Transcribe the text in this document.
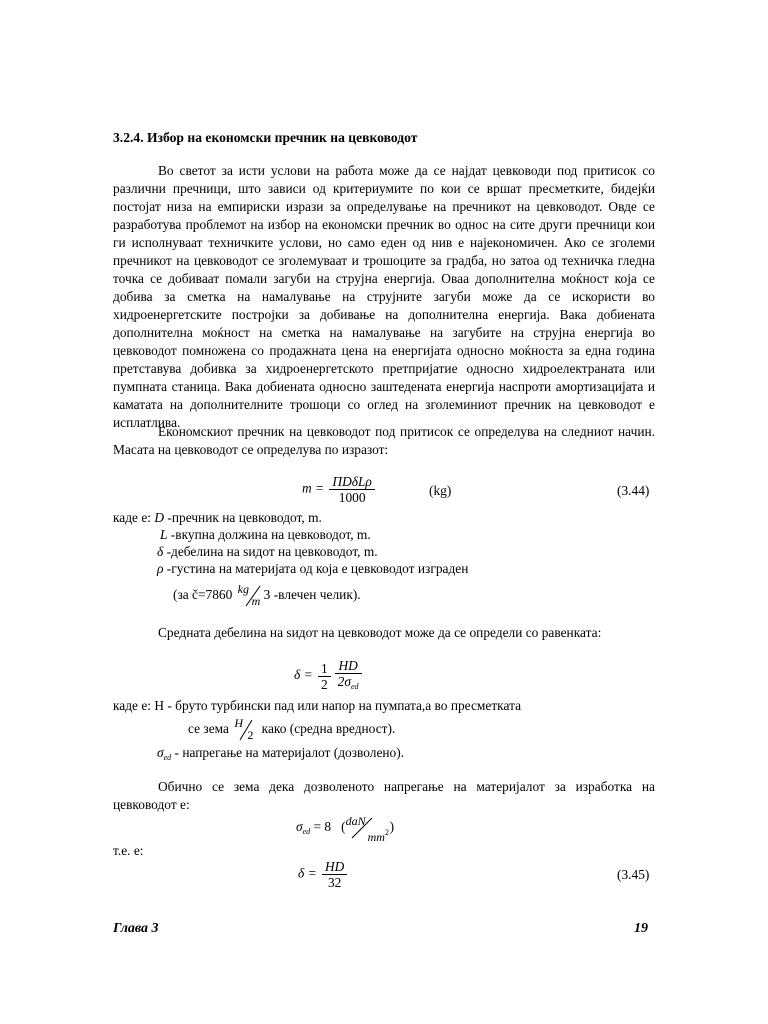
3.2.4. Избор на економски пречник на цевководот
Во светот за исти услови на работа може да се најдат цевководи под притисок со различни пречници, што зависи од критериумите по кои се вршат пресметките, бидејќи постојат низа на емпириски изрази за определување на пречникот на цевководот. Овде се разработува проблемот на избор на економски пречник во однос на сите други пречници кои ги исполнуваат техничките услови, но само еден од нив е најекономичен. Ако се зголеми пречникот на цевководот се зголемуваат и трошоците за градба, но затоа од техничка гледна точка се добиваат помали загуби на струјна енергија. Оваа дополнителна моќност која се добива за сметка на намалување на струјните загуби може да се искористи во хидроенергетските постројки за добивање на дополнителна енергија. Вака добиената дополнителна моќност на сметка на намалување на загубите на струјна енергија во цевководот помножена со продажната цена на енергијата односно моќноста за една година претставува добивка за хидроенергетското претпријатие односно хидроелектранатa или пумпната станица. Вака добиената односно заштедената енергија наспроти амортизацијата и каматата на дополнителните трошоци со оглед на зголеминиот пречник на цевководот е исплатлива.
Економскиот пречник на цевководот под притисок се определува на следниот начин. Масата на цевководот се определува по изразот:
$m = \frac{\text{ΠDδLρ}}{1000}$	(kg)	(3.44)
каде е: D -пречник на цевководот, m.
L -вкупна должина на цевководот, m.
δ -дебелина на ѕидот на цевководот, m.
ρ -густина на материјата од која е цевководот изграден
(за č=7860 kg
m 3 -влечен челик).
Средната дебелина на ѕидот на цевководот може да се определи со равенката:
$\delta = \frac{1}{2} \frac{HD}{2\sigma_{ed}}$
каде е: H - бруто турбински пад или напор на пумпата,а во пресметката
се зема H
2 како (средна вредност).
$\sigma_{ed}$ - напрегање на материјалот (дозволено).
Обично се зема дека дозволеното напрегање на материјалот за изработка на цевководот е:
$\sigma_{ed} = 8$   ( daN
$mm^2$ )
т.е. е:
$\delta = \frac{HD}{32}$	(3.45)
Глава 3	19
